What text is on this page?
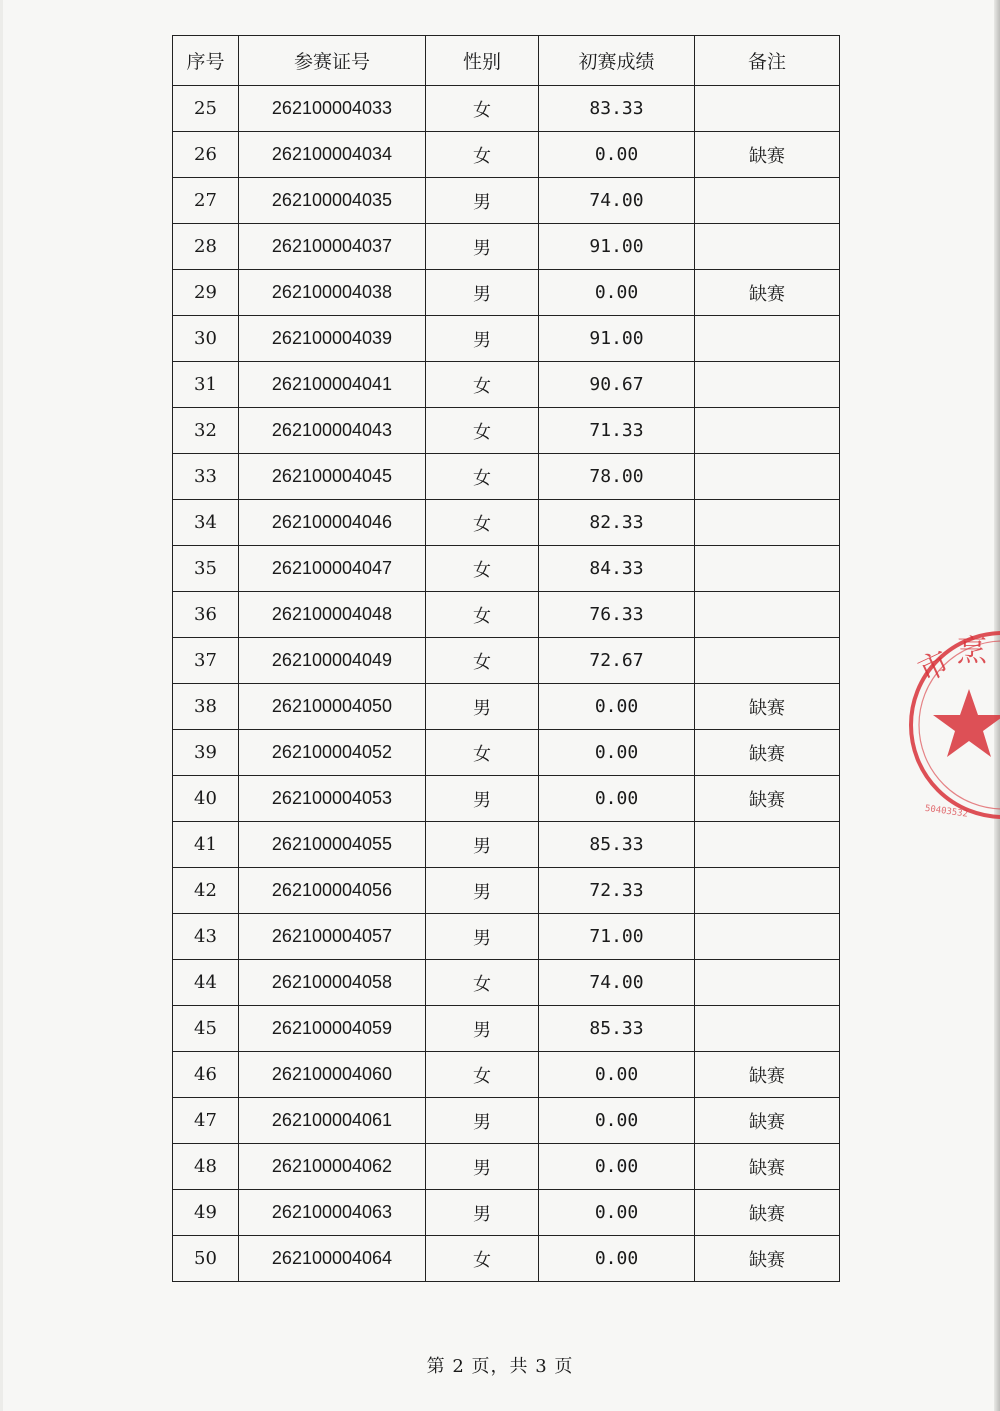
序号	参赛证号	性别	初赛成绩	备注
25	262100004033	女	83.33	
26	262100004034	女	0.00	缺赛
27	262100004035	男	74.00	
28	262100004037	男	91.00	
29	262100004038	男	0.00	缺赛
30	262100004039	男	91.00	
31	262100004041	女	90.67	
32	262100004043	女	71.33	
33	262100004045	女	78.00	
34	262100004046	女	82.33	
35	262100004047	女	84.33	
36	262100004048	女	76.33	
37	262100004049	女	72.67	
38	262100004050	男	0.00	缺赛
39	262100004052	女	0.00	缺赛
40	262100004053	男	0.00	缺赛
41	262100004055	男	85.33	
42	262100004056	男	72.33	
43	262100004057	男	71.00	
44	262100004058	女	74.00	
45	262100004059	男	85.33	
46	262100004060	女	0.00	缺赛
47	262100004061	男	0.00	缺赛
48	262100004062	男	0.00	缺赛
49	262100004063	男	0.00	缺赛
50	262100004064	女	0.00	缺赛
第 2 页，共 3 页
市 烹
50403532
